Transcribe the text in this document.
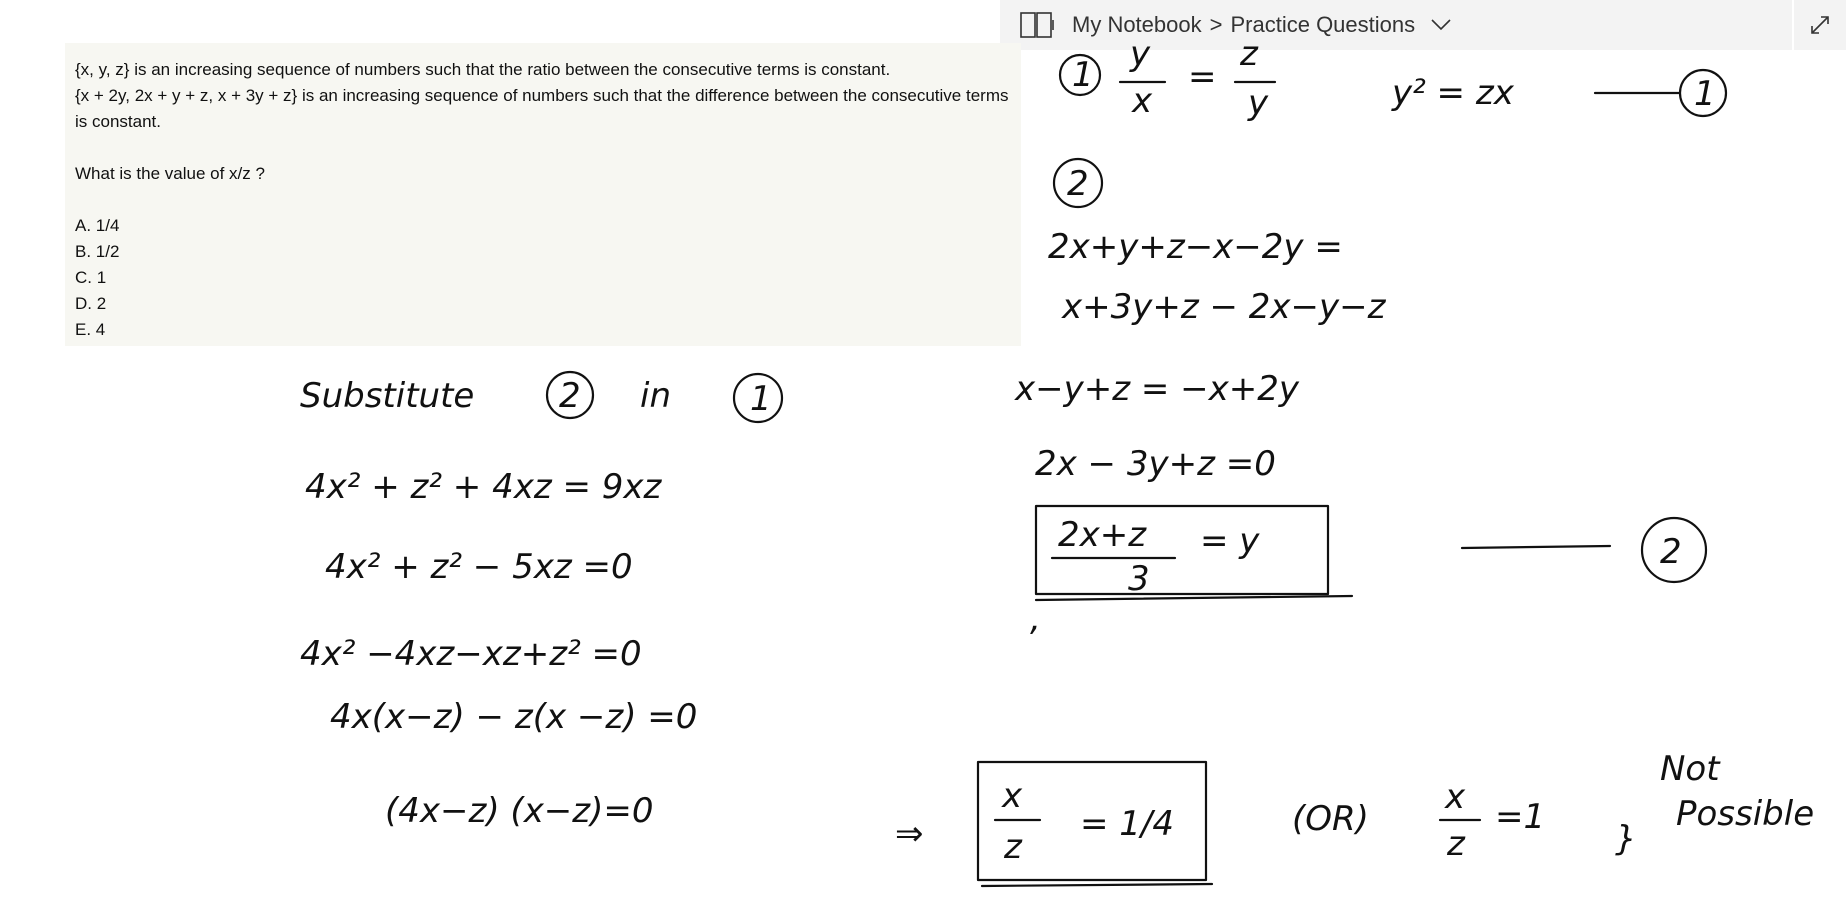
My Notebook > Practice Questions

{x, y, z} is an increasing sequence of numbers such that the ratio between the consecutive terms is constant.

{x + 2y, 2x + y + z, x + 3y + z} is an increasing sequence of numbers such that the difference between the consecutive terms is constant.

What is the value of x/z ?

A. 1/4
B. 1/2
C. 1
D. 2
E. 4
1
y
x
=
z
y	y² = zx	1
2
2x+y+z−x−2y =
x+3y+z − 2x−y−z
x−y+z = −x+2y
2x − 3y+z =0
2x+z
3
= y
,
2
Substitute 2 in 1
4x² + z² + 4xz = 9xz
4x² + z² − 5xz =0
4x² −4xz−xz+z² =0
4x(x−z) − z(x −z) =0
(4x−z) (x−z)=0
⇒
x
z
= 1/4	(OR)
x
z
=1
}
Not
Possible
